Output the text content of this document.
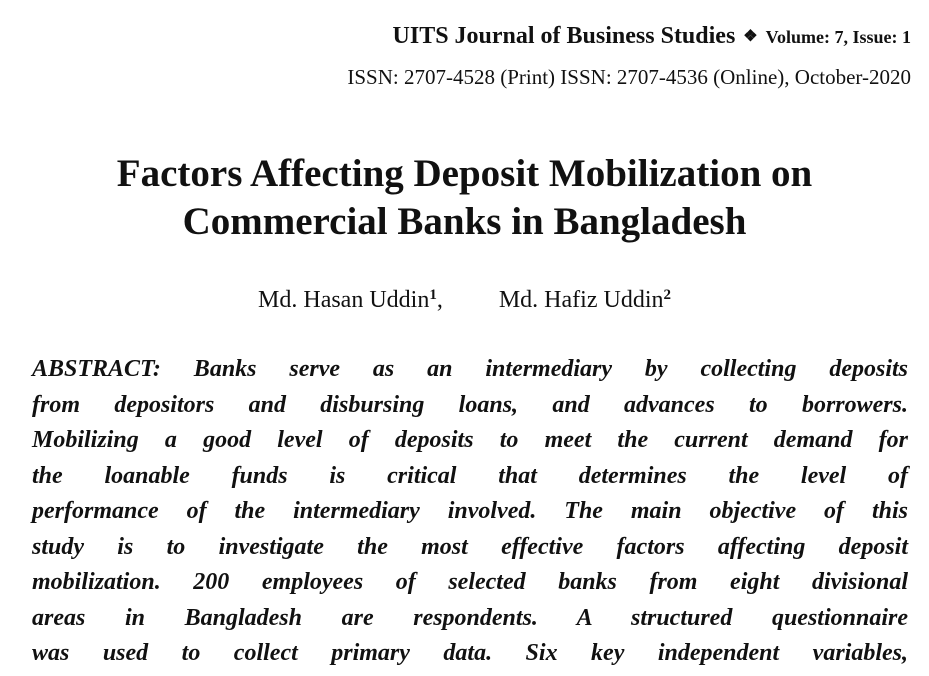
UITS Journal of Business Studies ❖ Volume: 7, Issue: 1
ISSN: 2707-4528 (Print) ISSN: 2707-4536 (Online), October-2020
Factors Affecting Deposit Mobilization on
Commercial Banks in Bangladesh
Md. Hasan Uddin$^1$, Md. Hafiz Uddin$^2$
ABSTRACT: Banks serve as an intermediary by collecting deposits
from depositors and disbursing loans, and advances to borrowers.
Mobilizing a good level of deposits to meet the current demand for
the loanable funds is critical that determines the level of
performance of the intermediary involved. The main objective of this
study is to investigate the most effective factors affecting deposit
mobilization. 200 employees of selected banks from eight divisional
areas in Bangladesh are respondents. A structured questionnaire
was used to collect primary data. Six key independent variables,
